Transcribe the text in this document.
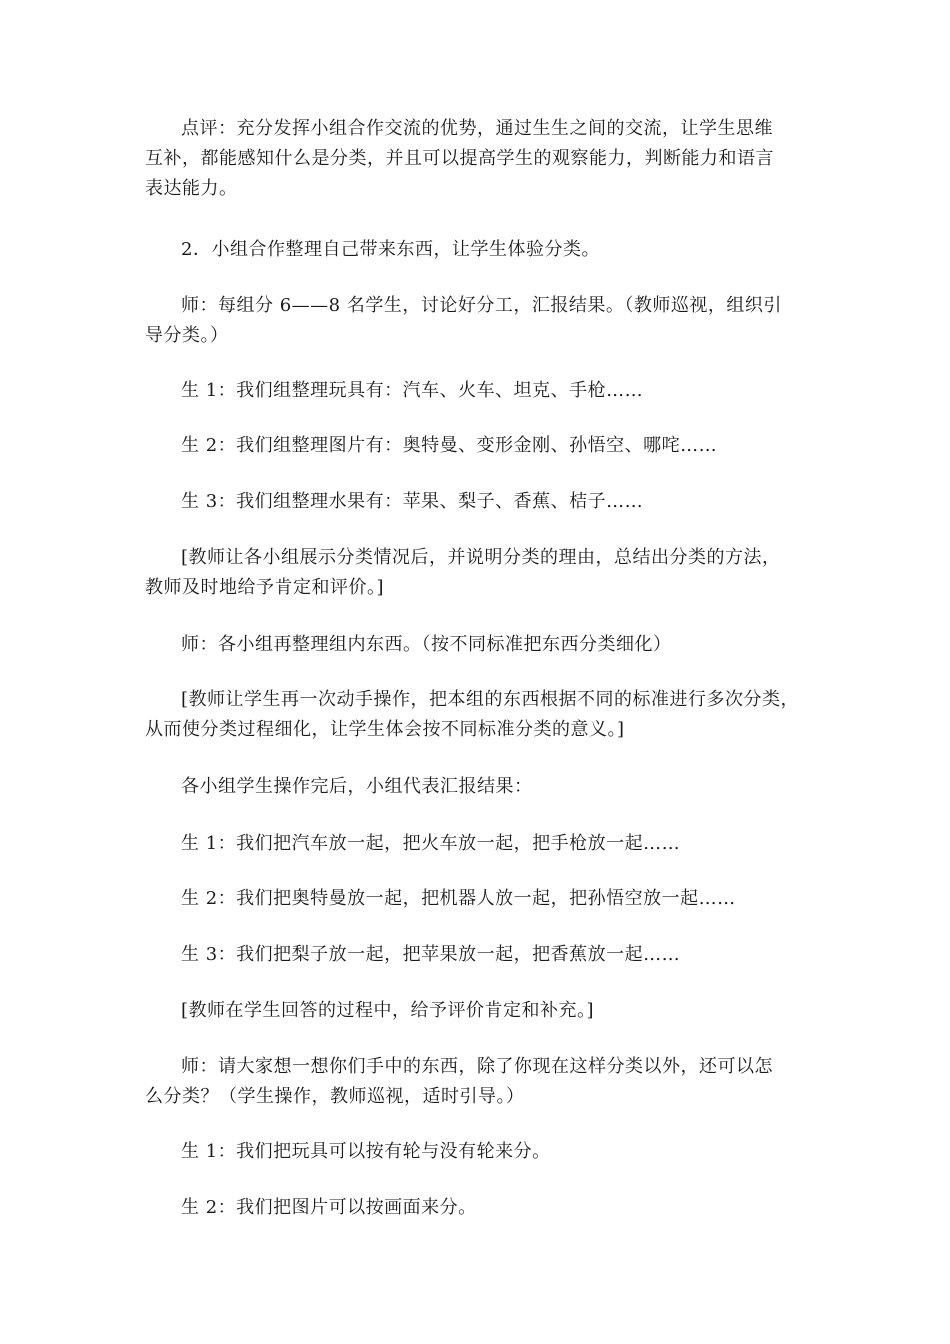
点评：充分发挥小组合作交流的优势，通过生生之间的交流，让学生思维
互补，都能感知什么是分类，并且可以提高学生的观察能力，判断能力和语言
表达能力。
2．小组合作整理自己带来东西，让学生体验分类。
师：每组分 6——8 名学生，讨论好分工，汇报结果。（教师巡视，组织引
导分类。）
生 1：我们组整理玩具有：汽车、火车、坦克、手枪……
生 2：我们组整理图片有：奥特曼、变形金刚、孙悟空、哪咤……
生 3：我们组整理水果有：苹果、梨子、香蕉、桔子……
[教师让各小组展示分类情况后，并说明分类的理由，总结出分类的方法，
教师及时地给予肯定和评价。]
师：各小组再整理组内东西。（按不同标准把东西分类细化）
[教师让学生再一次动手操作，把本组的东西根据不同的标准进行多次分类，
从而使分类过程细化，让学生体会按不同标准分类的意义。]
各小组学生操作完后，小组代表汇报结果：
生 1：我们把汽车放一起，把火车放一起，把手枪放一起……
生 2：我们把奥特曼放一起，把机器人放一起，把孙悟空放一起……
生 3：我们把梨子放一起，把苹果放一起，把香蕉放一起……
[教师在学生回答的过程中，给予评价肯定和补充。]
师：请大家想一想你们手中的东西，除了你现在这样分类以外，还可以怎
么分类？（学生操作，教师巡视，适时引导。）
生 1：我们把玩具可以按有轮与没有轮来分。
生 2：我们把图片可以按画面来分。
